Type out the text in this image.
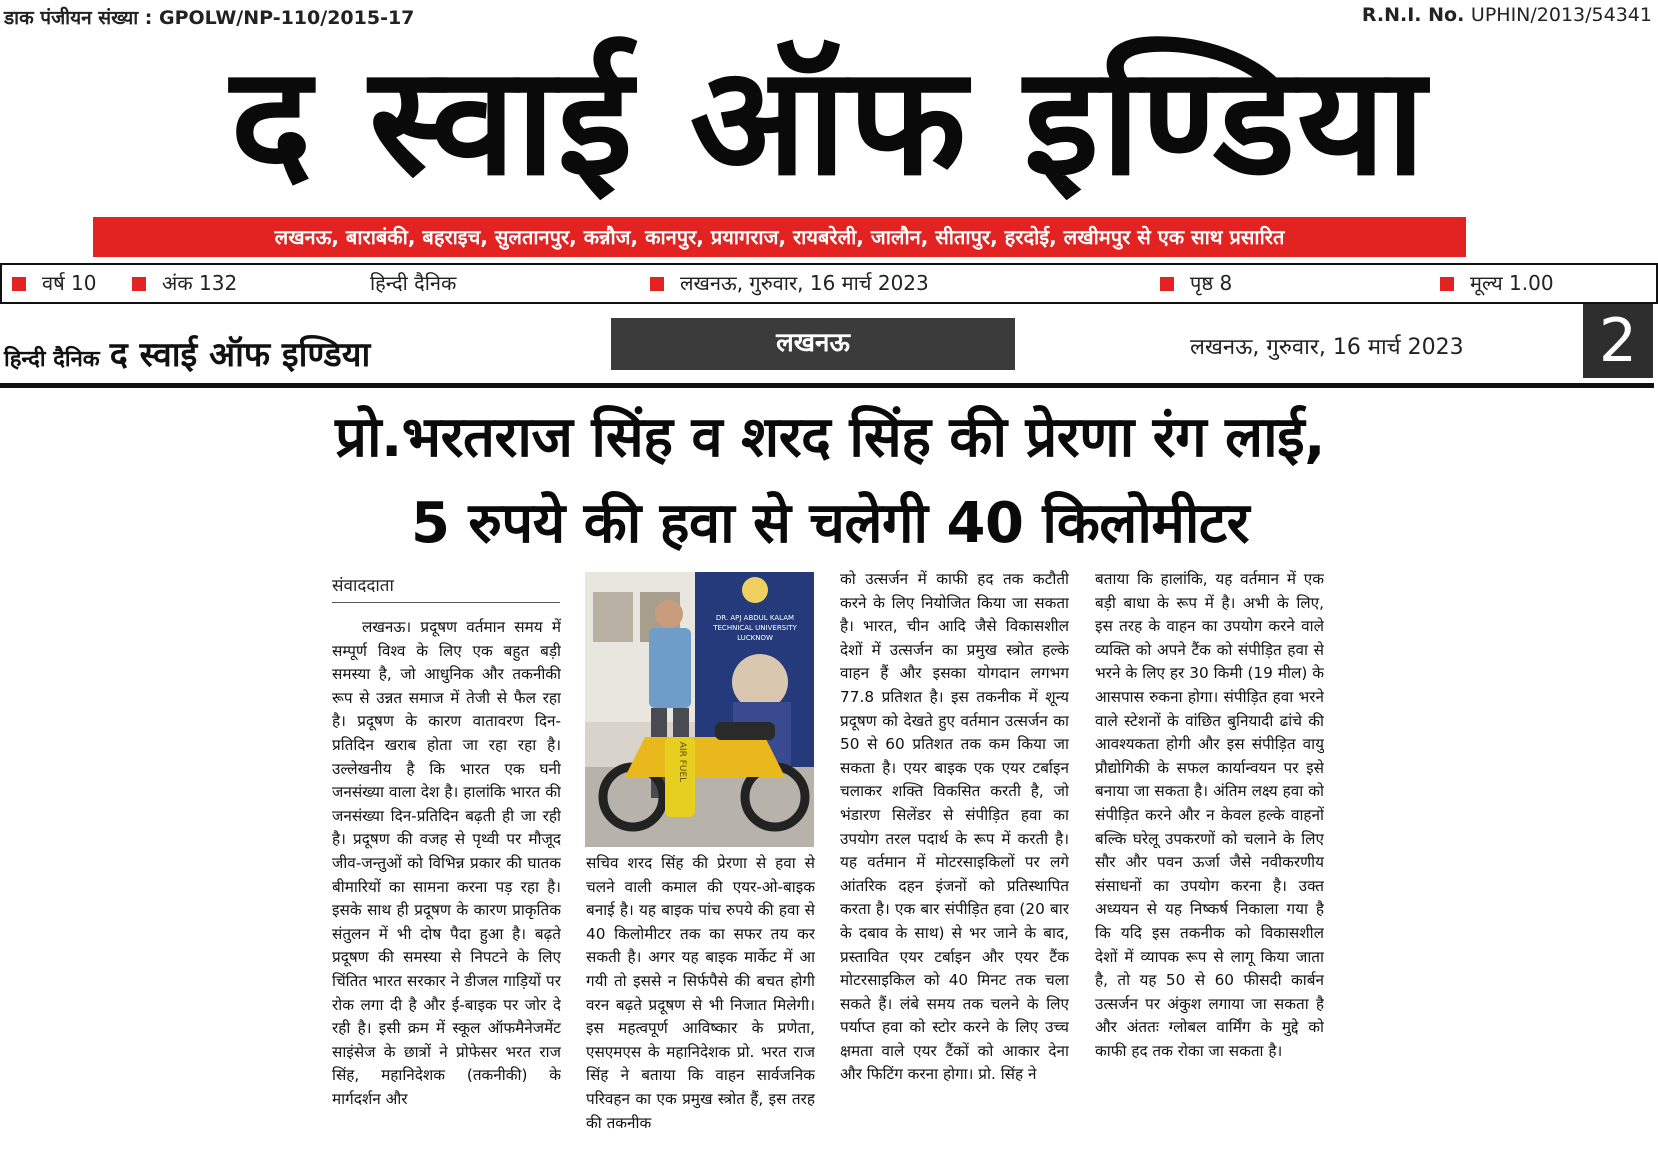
डाक पंजीयन संख्या : GPOLW/NP-110/2015-17	R.N.I. No. UPHIN/2013/54341
द स्वाई ऑफ इण्डिया
लखनऊ, बाराबंकी, बहराइच, सुलतानपुर, कन्नौज, कानपुर, प्रयागराज, रायबरेली, जालौन, सीतापुर, हरदोई, लखीमपुर से एक साथ प्रसारित
वर्ष 10	अंक 132	हिन्दी दैनिक	लखनऊ, गुरुवार, 16 मार्च 2023	पृष्ठ 8	मूल्य 1.00
हिन्दी दैनिक द स्वाई ऑफ इण्डिया	लखनऊ	लखनऊ, गुरुवार, 16 मार्च 2023 2
प्रो.भरतराज सिंह व शरद सिंह की प्रेरणा रंग लाई, 5 रुपये की हवा से चलेगी 40 किलोमीटर
संवाददाता
लखनऊ। प्रदूषण वर्तमान समय में सम्पूर्ण विश्व के लिए एक बहुत बड़ी समस्या है, जो आधुनिक और तकनीकी रूप से उन्नत समाज में तेजी से फैल रहा है। प्रदूषण के कारण वातावरण दिन-प्रतिदिन खराब होता जा रहा रहा है। उल्लेखनीय है कि भारत एक घनी जनसंख्या वाला देश है। हालांकि भारत की जनसंख्या दिन-प्रतिदिन बढ़ती ही जा रही है। प्रदूषण की वजह से पृथ्वी पर मौजूद जीव-जन्तुओं को विभिन्न प्रकार की घातक बीमारियों का सामना करना पड़ रहा है। इसके साथ ही प्रदूषण के कारण प्राकृतिक संतुलन में भी दोष पैदा हुआ है। बढ़ते प्रदूषण की समस्या से निपटने के लिए चिंतित भारत सरकार ने डीजल गाड़ियों पर रोक लगा दी है और ई-बाइक पर जोर दे रही है। इसी क्रम में स्कूल ऑफमैनेजमेंट साइंसेज के छात्रों ने प्रोफेसर भरत राज सिंह, महानिदेशक (तकनीकी) के मार्गदर्शन और
DR. APJ ABDUL KALAM
TECHNICAL UNIVERSITY
LUCKNOW
AIR FUEL
सचिव शरद सिंह की प्रेरणा से हवा से चलने वाली कमाल की एयर-ओ-बाइक बनाई है। यह बाइक पांच रुपये की हवा से 40 किलोमीटर तक का सफर तय कर सकती है। अगर यह बाइक मार्केट में आ गयी तो इससे न सिर्फपैसे की बचत होगी वरन बढ़ते प्रदूषण से भी निजात मिलेगी। इस महत्वपूर्ण आविष्कार के प्रणेता, एसएमएस के महानिदेशक प्रो. भरत राज सिंह ने बताया कि वाहन सार्वजनिक परिवहन का एक प्रमुख स्त्रोत हैं, इस तरह की तकनीक
को उत्सर्जन में काफी हद तक कटौती करने के लिए नियोजित किया जा सकता है। भारत, चीन आदि जैसे विकासशील देशों में उत्सर्जन का प्रमुख स्त्रोत हल्के वाहन हैं और इसका योगदान लगभग 77.8 प्रतिशत है। इस तकनीक में शून्य प्रदूषण को देखते हुए वर्तमान उत्सर्जन का 50 से 60 प्रतिशत तक कम किया जा सकता है। एयर बाइक एक एयर टर्बाइन चलाकर शक्ति विकसित करती है, जो भंडारण सिलेंडर से संपीड़ित हवा का उपयोग तरल पदार्थ के रूप में करती है। यह वर्तमान में मोटरसाइकिलों पर लगे आंतरिक दहन इंजनों को प्रतिस्थापित करता है। एक बार संपीड़ित हवा (20 बार के दबाव के साथ) से भर जाने के बाद, प्रस्तावित एयर टर्बाइन और एयर टैंक मोटरसाइकिल को 40 मिनट तक चला सकते हैं। लंबे समय तक चलने के लिए पर्याप्त हवा को स्टोर करने के लिए उच्च क्षमता वाले एयर टैंकों को आकार देना और फिटिंग करना होगा। प्रो. सिंह ने
बताया कि हालांकि, यह वर्तमान में एक बड़ी बाधा के रूप में है। अभी के लिए, इस तरह के वाहन का उपयोग करने वाले व्यक्ति को अपने टैंक को संपीड़ित हवा से भरने के लिए हर 30 किमी (19 मील) के आसपास रुकना होगा। संपीड़ित हवा भरने वाले स्टेशनों के वांछित बुनियादी ढांचे की आवश्यकता होगी और इस संपीड़ित वायु प्रौद्योगिकी के सफल कार्यान्वयन पर इसे बनाया जा सकता है। अंतिम लक्ष्य हवा को संपीड़ित करने और न केवल हल्के वाहनों बल्कि घरेलू उपकरणों को चलाने के लिए सौर और पवन ऊर्जा जैसे नवीकरणीय संसाधनों का उपयोग करना है। उक्त अध्ययन से यह निष्कर्ष निकाला गया है कि यदि इस तकनीक को विकासशील देशों में व्यापक रूप से लागू किया जाता है, तो यह 50 से 60 फीसदी कार्बन उत्सर्जन पर अंकुश लगाया जा सकता है और अंततः ग्लोबल वार्मिंग के मुद्दे को काफी हद तक रोका जा सकता है।
